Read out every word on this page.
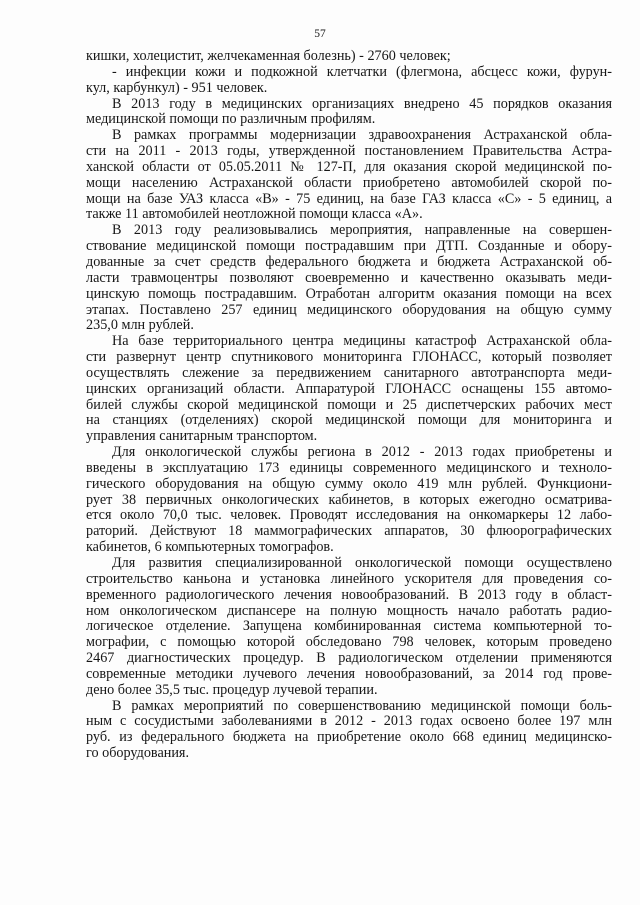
57
кишки, холецистит, желчекаменная болезнь) - 2760 человек;
- инфекции кожи и подкожной клетчатки (флегмона, абсцесс кожи, фурун-
кул, карбункул) - 951 человек.
В 2013 году в медицинских организациях внедрено 45 порядков оказания
медицинской помощи по различным профилям.
В рамках программы модернизации здравоохранения Астраханской обла-
сти на 2011 - 2013 годы, утвержденной постановлением Правительства Астра-
ханской области от 05.05.2011 № 127-П, для оказания скорой медицинской по-
мощи населению Астраханской области приобретено автомобилей скорой по-
мощи на базе УАЗ класса «В» - 75 единиц, на базе ГАЗ класса «С» - 5 единиц, а
также 11 автомобилей неотложной помощи класса «А».
В 2013 году реализовывались мероприятия, направленные на совершен-
ствование медицинской помощи пострадавшим при ДТП. Созданные и обору-
дованные за счет средств федерального бюджета и бюджета Астраханской об-
ласти травмоцентры позволяют своевременно и качественно оказывать меди-
цинскую помощь пострадавшим. Отработан алгоритм оказания помощи на всех
этапах. Поставлено 257 единиц медицинского оборудования на общую сумму
235,0 млн рублей.
На базе территориального центра медицины катастроф Астраханской обла-
сти развернут центр спутникового мониторинга ГЛОНАСС, который позволяет
осуществлять слежение за передвижением санитарного автотранспорта меди-
цинских организаций области. Аппаратурой ГЛОНАСС оснащены 155 автомо-
билей службы скорой медицинской помощи и 25 диспетчерских рабочих мест
на станциях (отделениях) скорой медицинской помощи для мониторинга и
управления санитарным транспортом.
Для онкологической службы региона в 2012 - 2013 годах приобретены и
введены в эксплуатацию 173 единицы современного медицинского и техноло-
гического оборудования на общую сумму около 419 млн рублей. Функциони-
рует 38 первичных онкологических кабинетов, в которых ежегодно осматрива-
ется около 70,0 тыс. человек. Проводят исследования на онкомаркеры 12 лабо-
раторий. Действуют 18 маммографических аппаратов, 30 флюорографических
кабинетов, 6 компьютерных томографов.
Для развития специализированной онкологической помощи осуществлено
строительство каньона и установка линейного ускорителя для проведения со-
временного радиологического лечения новообразований. В 2013 году в област-
ном онкологическом диспансере на полную мощность начало работать радио-
логическое отделение. Запущена комбинированная система компьютерной то-
мографии, с помощью которой обследовано 798 человек, которым проведено
2467 диагностических процедур. В радиологическом отделении применяются
современные методики лучевого лечения новообразований, за 2014 год прове-
дено более 35,5 тыс. процедур лучевой терапии.
В рамках мероприятий по совершенствованию медицинской помощи боль-
ным с сосудистыми заболеваниями в 2012 - 2013 годах освоено более 197 млн
руб. из федерального бюджета на приобретение около 668 единиц медицинско-
го оборудования.
